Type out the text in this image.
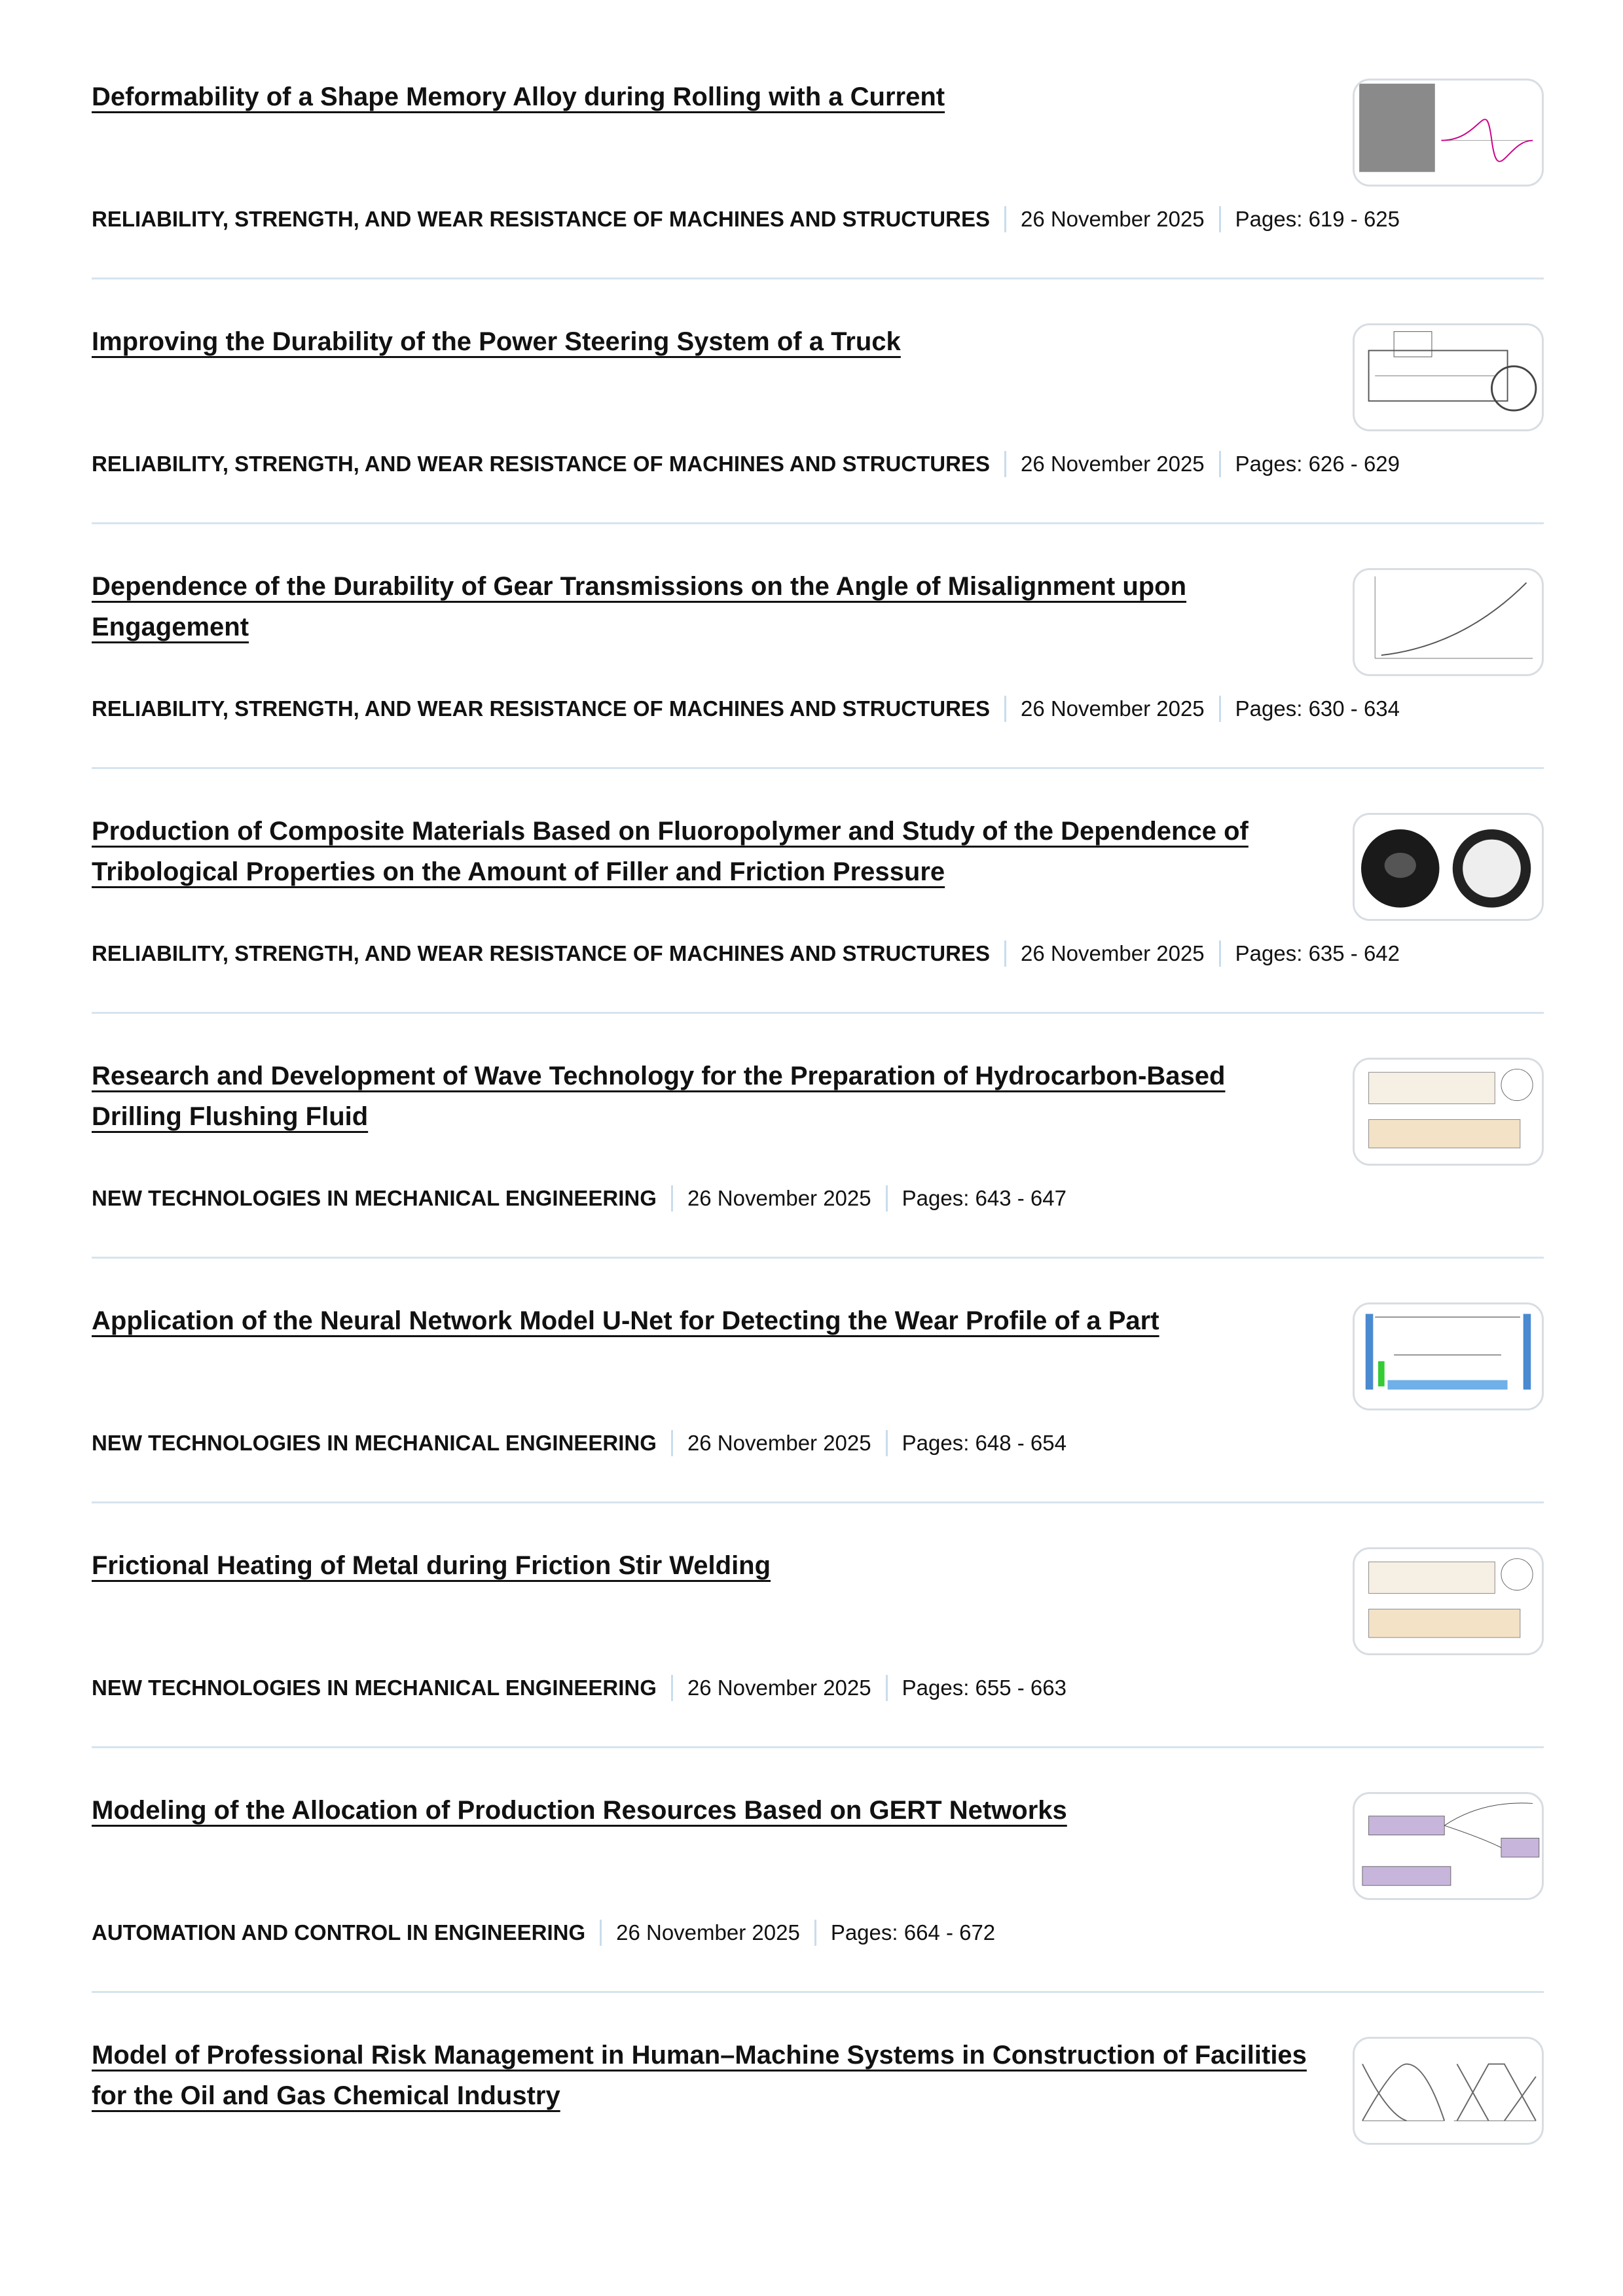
Deformability of a Shape Memory Alloy during Rolling with a Current
RELIABILITY, STRENGTH, AND WEAR RESISTANCE OF MACHINES AND STRUCTURES 26 November 2025 Pages: 619 - 625
Improving the Durability of the Power Steering System of a Truck
RELIABILITY, STRENGTH, AND WEAR RESISTANCE OF MACHINES AND STRUCTURES 26 November 2025 Pages: 626 - 629
Dependence of the Durability of Gear Transmissions on the Angle of Misalignment upon Engagement
RELIABILITY, STRENGTH, AND WEAR RESISTANCE OF MACHINES AND STRUCTURES 26 November 2025 Pages: 630 - 634
Production of Composite Materials Based on Fluoropolymer and Study of the Dependence of Tribological Properties on the Amount of Filler and Friction Pressure
RELIABILITY, STRENGTH, AND WEAR RESISTANCE OF MACHINES AND STRUCTURES 26 November 2025 Pages: 635 - 642
Research and Development of Wave Technology for the Preparation of Hydrocarbon-Based Drilling Flushing Fluid
NEW TECHNOLOGIES IN MECHANICAL ENGINEERING 26 November 2025 Pages: 643 - 647
Application of the Neural Network Model U-Net for Detecting the Wear Profile of a Part
NEW TECHNOLOGIES IN MECHANICAL ENGINEERING 26 November 2025 Pages: 648 - 654
Frictional Heating of Metal during Friction Stir Welding
NEW TECHNOLOGIES IN MECHANICAL ENGINEERING 26 November 2025 Pages: 655 - 663
Modeling of the Allocation of Production Resources Based on GERT Networks
AUTOMATION AND CONTROL IN ENGINEERING 26 November 2025 Pages: 664 - 672
Model of Professional Risk Management in Human–Machine Systems in Construction of Facilities for the Oil and Gas Chemical Industry
